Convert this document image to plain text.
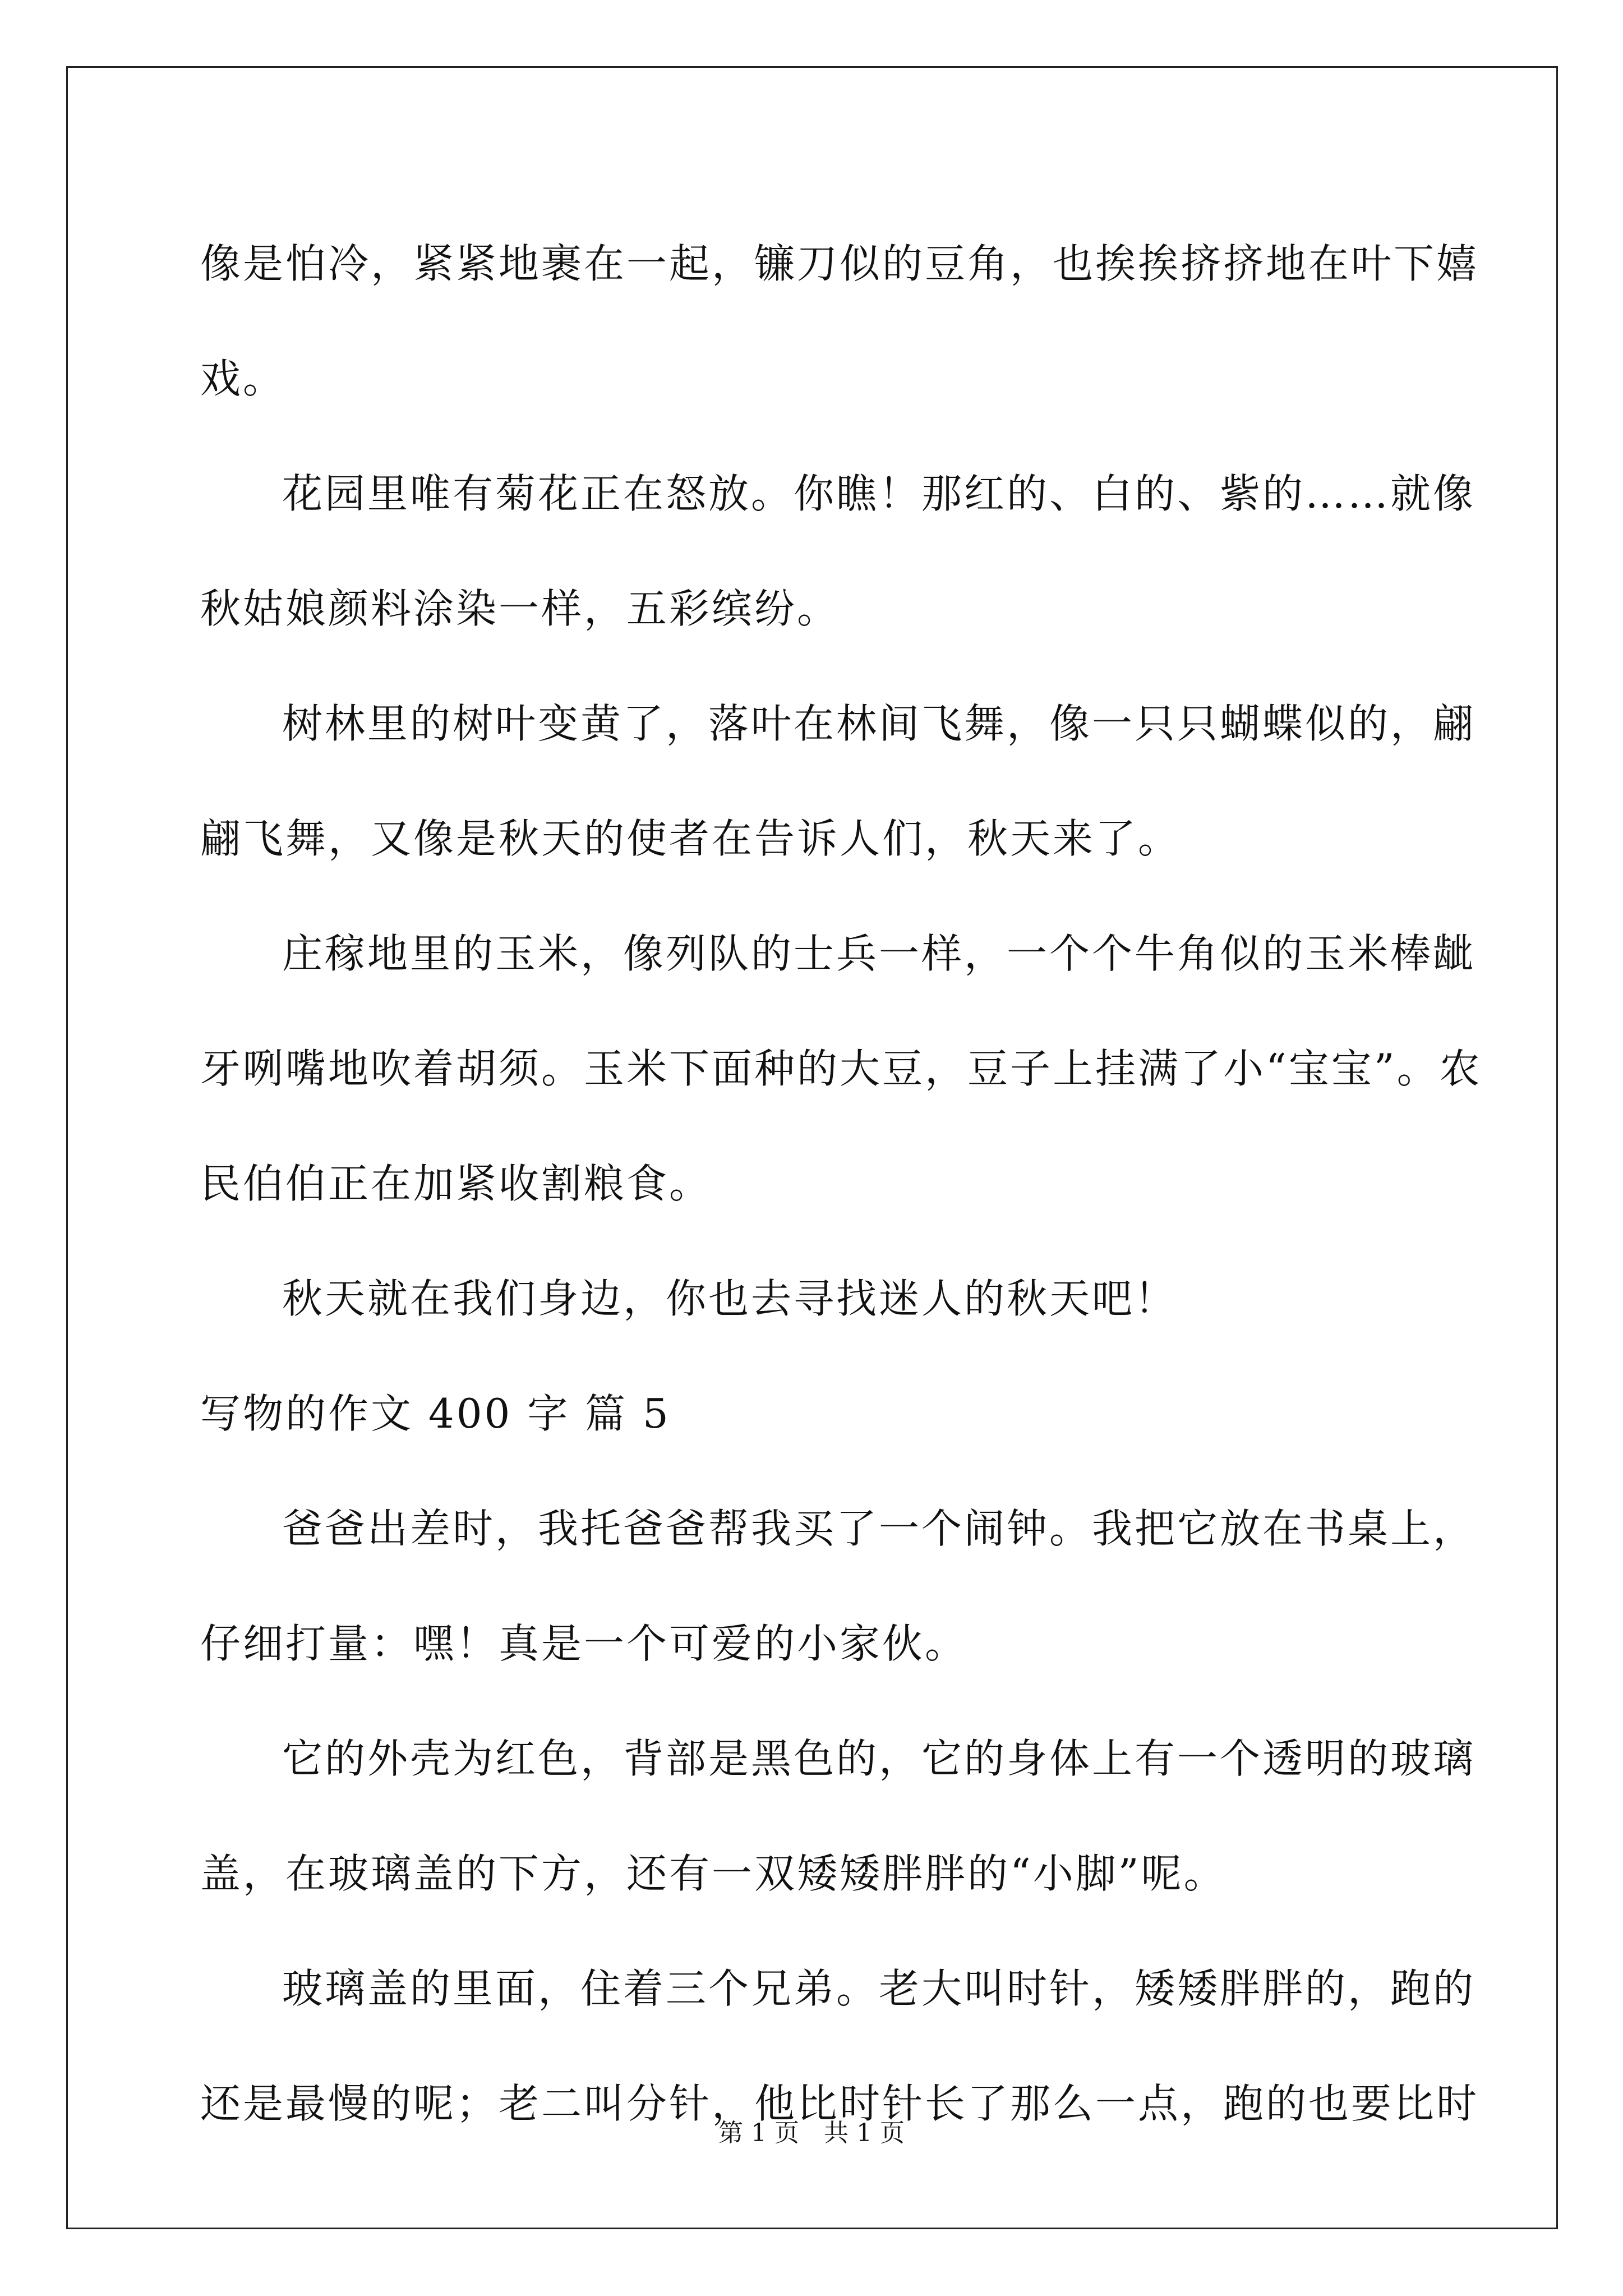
像是怕冷，紧紧地裹在一起，镰刀似的豆角，也挨挨挤挤地在叶下嬉
戏。
花园里唯有菊花正在怒放。你瞧！那红的、白的、紫的……就像
秋姑娘颜料涂染一样，五彩缤纷。
树林里的树叶变黄了，落叶在林间飞舞，像一只只蝴蝶似的，翩
翩飞舞，又像是秋天的使者在告诉人们，秋天来了。
庄稼地里的玉米，像列队的士兵一样，一个个牛角似的玉米棒龇
牙咧嘴地吹着胡须。玉米下面种的大豆，豆子上挂满了小“宝宝”。农
民伯伯正在加紧收割粮食。
秋天就在我们身边，你也去寻找迷人的秋天吧！
写物的作文 400 字 篇 5
爸爸出差时，我托爸爸帮我买了一个闹钟。我把它放在书桌上，
仔细打量：嘿！真是一个可爱的小家伙。
它的外壳为红色，背部是黑色的，它的身体上有一个透明的玻璃
盖，在玻璃盖的下方，还有一双矮矮胖胖的“小脚”呢。
玻璃盖的里面，住着三个兄弟。老大叫时针，矮矮胖胖的，跑的
还是最慢的呢；老二叫分针，他比时针长了那么一点，跑的也要比时
第 1 页　共 1 页
